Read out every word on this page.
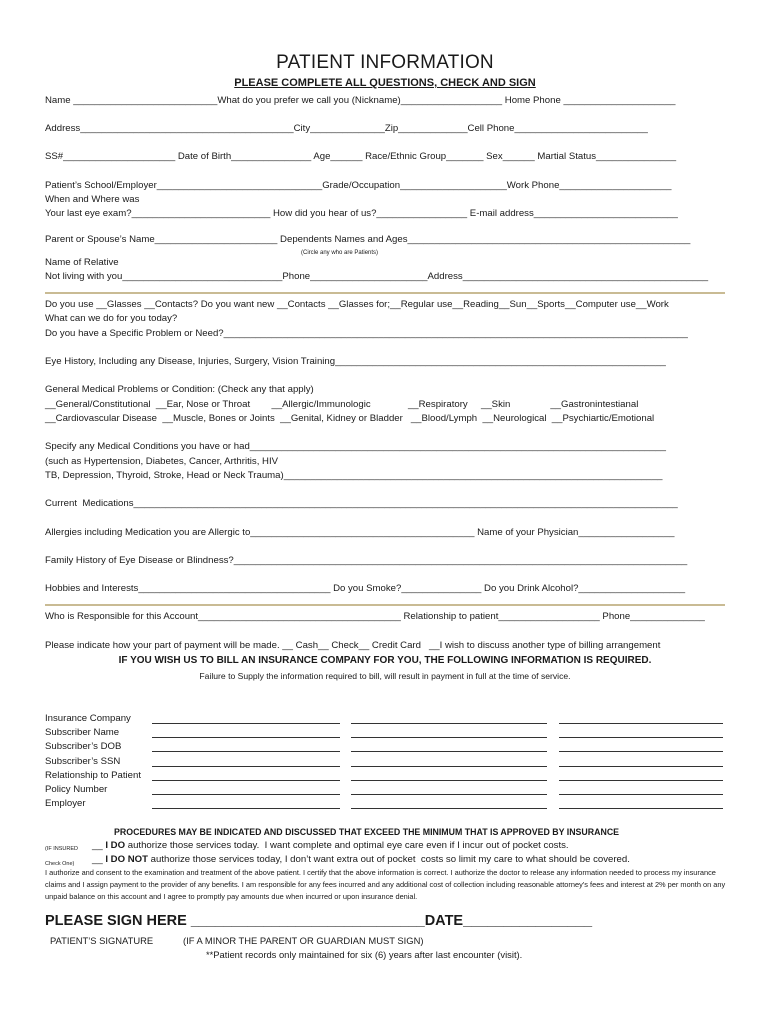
PATIENT INFORMATION
PLEASE COMPLETE ALL QUESTIONS, CHECK AND SIGN
Name ___________________________What do you prefer we call you (Nickname)___________________ Home Phone _____________________
Address________________________________________City______________Zip_____________Cell Phone_________________________
SS#_____________________ Date of Birth_______________ Age______ Race/Ethnic Group_______ Sex______ Martial Status_______________
Patient’s School/Employer_______________________________Grade/Occupation____________________Work Phone_____________________
When and Where was
Your last eye exam?__________________________ How did you hear of us?_________________ E-mail address___________________________
Parent or Spouse’s Name_______________________ Dependents Names and Ages_____________________________________________________
(Circle any who are Patients)
Name of Relative
Not living with you______________________________Phone______________________Address______________________________________________
Do you use __Glasses __Contacts? Do you want new __Contacts __Glasses for;__Regular use__Reading__Sun__Sports__Computer use__Work
What can we do for you today?
Do you have a Specific Problem or Need?_______________________________________________________________________________________
Eye History, Including any Disease, Injuries, Surgery, Vision Training______________________________________________________________
General Medical Problems or Condition: (Check any that apply)
__General/Constitutional  __Ear, Nose or Throat        __Allergic/Immunologic              __Respiratory     __Skin               __Gastronintestianal
__Cardiovascular Disease  __Muscle, Bones or Joints  __Genital, Kidney or Bladder   __Blood/Lymph  __Neurological  __Psychiartic/Emotional
Specify any Medical Conditions you have or had______________________________________________________________________________
(such as Hypertension, Diabetes, Cancer, Arthritis, HIV
TB, Depression, Thyroid, Stroke, Head or Neck Trauma)_______________________________________________________________________
Current  Medications______________________________________________________________________________________________________
Allergies including Medication you are Allergic to__________________________________________ Name of your Physician__________________
Family History of Eye Disease or Blindness?_____________________________________________________________________________________
Hobbies and Interests____________________________________ Do you Smoke?_______________ Do you Drink Alcohol?____________________
Who is Responsible for this Account______________________________________ Relationship to patient___________________ Phone______________
Please indicate how your part of payment will be made. __ Cash__ Check__ Credit Card   __I wish to discuss another type of billing arrangement
IF YOU WISH US TO BILL AN INSURANCE COMPANY FOR YOU, THE FOLLOWING INFORMATION IS REQUIRED.
Failure to Supply the information required to bill, will result in payment in full at the time of service.
Insurance Company
Subscriber Name
Subscriber’s DOB
Subscriber’s SSN
Relationship to Patient
Policy Number
Employer
PROCEDURES MAY BE INDICATED AND DISCUSSED THAT EXCEED THE MINIMUM THAT IS APPROVED BY INSURANCE
(IF INSURED __ I DO authorize those services today.  I want complete and optimal eye care even if I incur out of pocket costs.
Check One) __ I DO NOT authorize those services today, I don’t want extra out of pocket  costs so limit my care to what should be covered.
I authorize and consent to the examination and treatment of the above patient. I certify that the above information is correct. I authorize the doctor to release any information needed to process my insurance claims and I assign payment to the provider of any benefits. I am responsible for any fees incurred and any additional cost of collection including reasonable attorney’s fees and interest at 2% per month on any unpaid balance on this account and I agree to promptly pay amounts due when incurred or upon insurance denial.
PLEASE SIGN HERE _____________________________DATE________________
PATIENT’S SIGNATURE	(IF A MINOR THE PARENT OR GUARDIAN MUST SIGN)
**Patient records only maintained for six (6) years after last encounter (visit).
